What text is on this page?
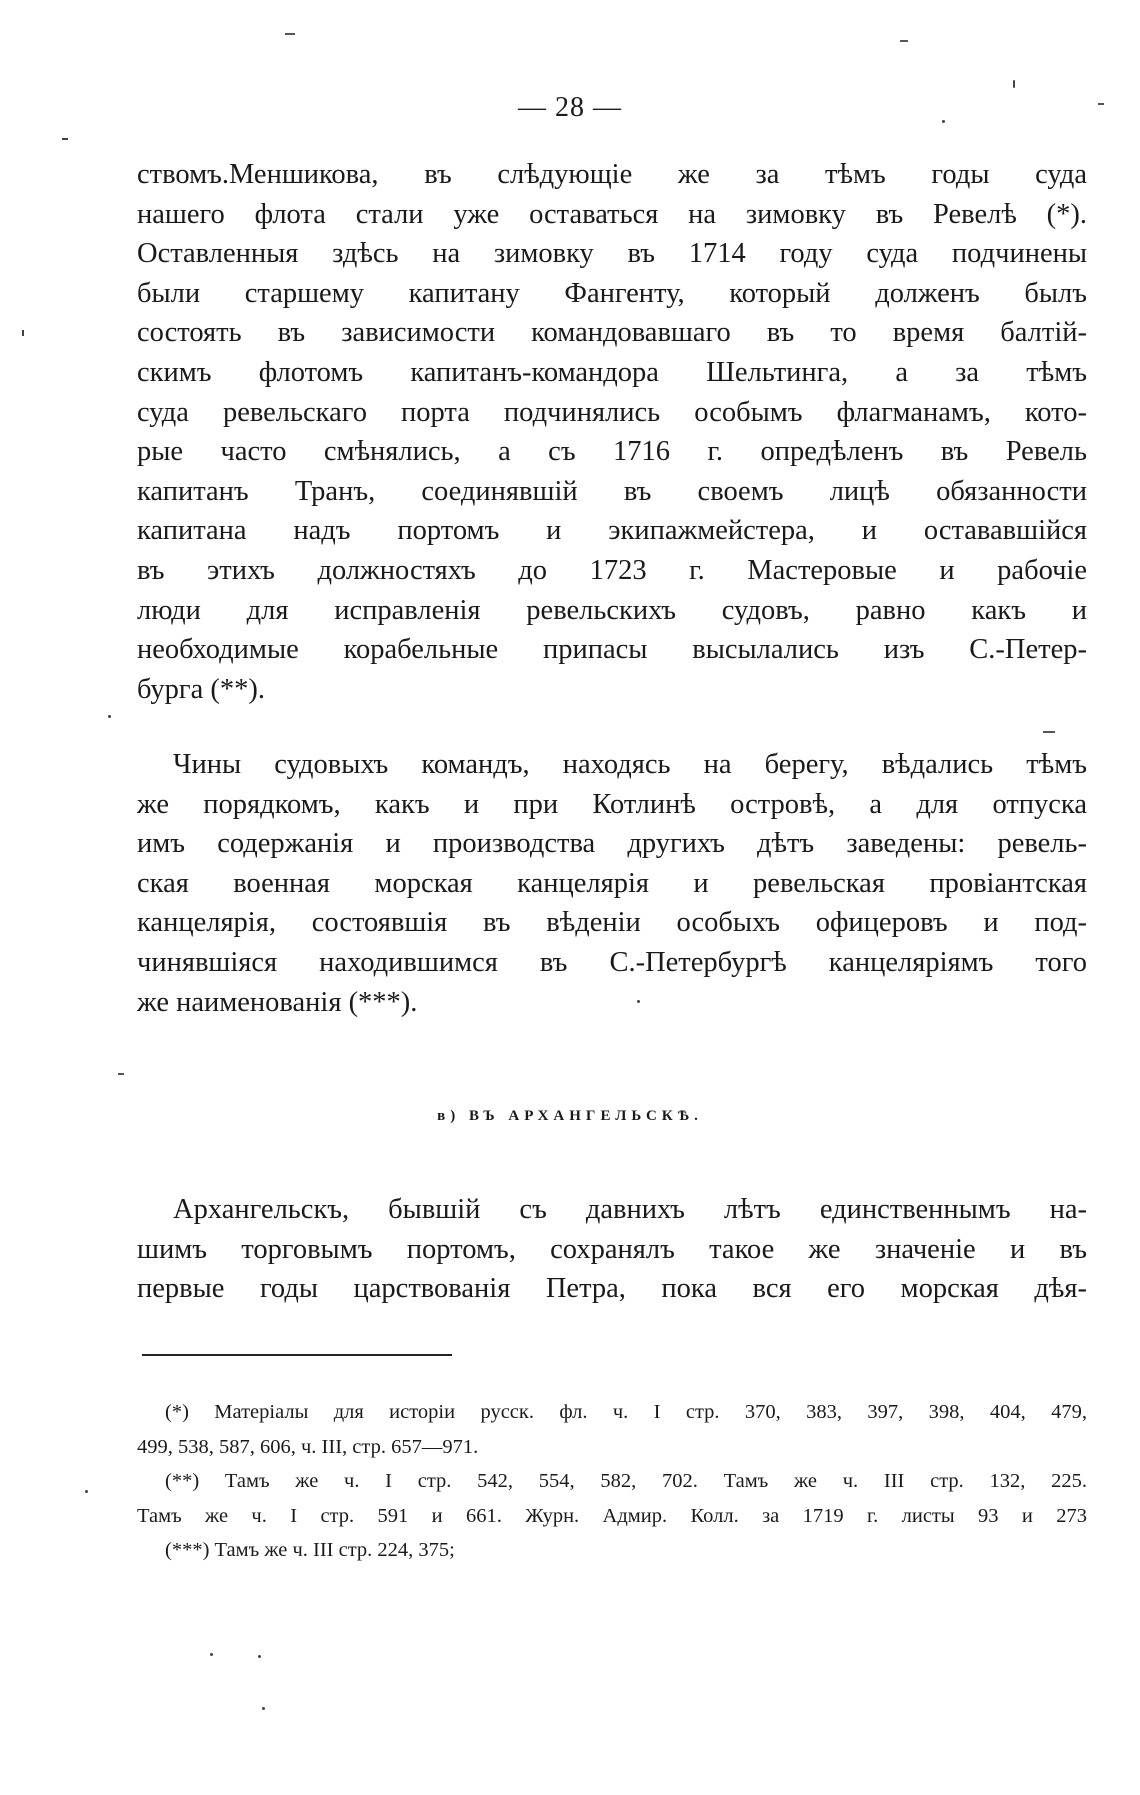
— 28 —
ствомъ.Меншикова, въ слѣдующіе же за тѣмъ годы суда
нашего флота стали уже оставаться на зимовку въ Ревелѣ (*).
Оставленныя здѣсь на зимовку въ 1714 году суда подчинены
были старшему капитану Фангенту, который долженъ былъ
состоять въ зависимости командовавшаго въ то время балтій-
скимъ флотомъ капитанъ-командора Шельтинга, а за тѣмъ
суда ревельскаго порта подчинялись особымъ флагманамъ, кото-
рые часто смѣнялись, а съ 1716 г. опредѣленъ въ Ревель
капитанъ Транъ, соединявшій въ своемъ лицѣ обязанности
капитана надъ портомъ и экипажмейстера, и остававшійся
въ этихъ должностяхъ до 1723 г. Мастеровые и рабочіе
люди для исправленія ревельскихъ судовъ, равно какъ и
необходимые корабельные припасы высылались изъ С.-Петер-
бурга (**).
Чины судовыхъ командъ, находясь на берегу, вѣдались тѣмъ
же порядкомъ, какъ и при Котлинѣ островѣ, а для отпуска
имъ содержанія и производства другихъ дѣтъ заведены: ревель-
ская военная морская канцелярія и ревельская провіантская
канцелярія, состоявшія въ вѣденіи особыхъ офицеровъ и под-
чинявшіяся находившимся въ С.-Петербургѣ канцеляріямъ того
же наименованія (***).
в) ВЪ АРХАНГЕЛЬСКѢ.
Архангельскъ, бывшій съ давнихъ лѣтъ единственнымъ на-
шимъ торговымъ портомъ, сохранялъ такое же значеніе и въ
первые годы царствованія Петра, пока вся его морская дѣя-
(*) Матеріалы для исторіи русск. фл. ч. I стр. 370, 383, 397, 398, 404, 479,
499, 538, 587, 606, ч. III, стр. 657—971.
(**) Тамъ же ч. I стр. 542, 554, 582, 702. Тамъ же ч. III стр. 132, 225.
Тамъ же ч. I стр. 591 и 661. Журн. Адмир. Колл. за 1719 г. листы 93 и 273
(***) Тамъ же ч. III стр. 224, 375;
